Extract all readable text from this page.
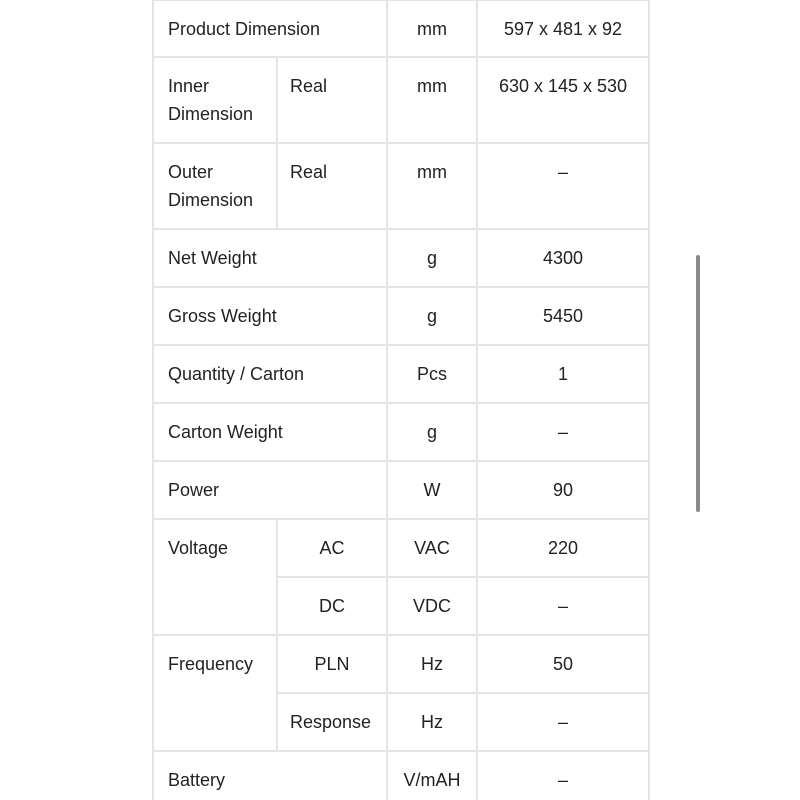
Product Dimension		mm	597 x 481 x 92
Inner Dimension	Real	mm	630 x 145 x 530
Outer Dimension	Real	mm	–
Net Weight		g	4300
Gross Weight		g	5450
Quantity / Carton		Pcs	1
Carton Weight		g	–
Power		W	90
Voltage	AC	VAC	220
	DC	VDC	–
Frequency	PLN	Hz	50
	Response	Hz	–
Battery		V/mAH	–
